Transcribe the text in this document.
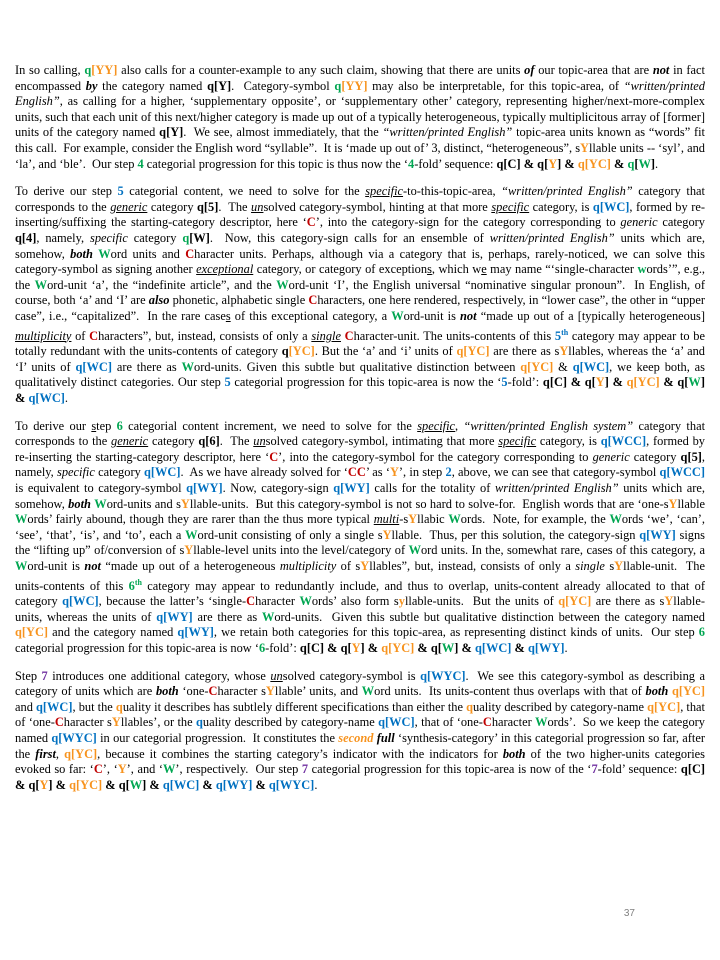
In so calling, q[YY] also calls for a counter-example to any such claim, showing that there are units of our topic-area that are not in fact encompassed by the category named q[Y].  Category-symbol q[YY] may also be interpretable, for this topic-area, of “written/printed English”, as calling for a higher, ‘supplementary opposite’, or ‘supplementary other’ category, representing higher/next-more-complex units, such that each unit of this next/higher category is made up out of a typically heterogeneous, typically multiplicitous array of [former] units of the category named q[Y].  We see, almost immediately, that the “written/printed English” topic-area units known as “words” fit this call.  For example, consider the English word “syllable”.  It is ‘made up out of’ 3, distinct, “heterogeneous”, sYllable units -- ‘syl’, and ‘la’, and ‘ble’.  Our step 4 categorial progression for this topic is thus now the ‘4-fold’ sequence: q[C] & q[Y] & q[YC] & q[W].

To derive our step 5 categorial content, we need to solve for the specific-to-this-topic-area, “written/printed English” category that corresponds to the generic category q[5].  The unsolved category-symbol, hinting at that more specific category, is q[WC], formed by re-inserting/suffixing the starting-category descriptor, here ‘C’, into the category-sign for the category corresponding to generic category q[4], namely, specific category q[W].  Now, this category-sign calls for an ensemble of written/printed English” units which are, somehow, both Word units and Character units. Perhaps, although via a category that is, perhaps, rarely-noticed, we can solve this category-symbol as signing another exceptional category, or category of exceptions, which we may name “‘single-character words’”, e.g., the Word-unit ‘a’, the “indefinite article”, and the Word-unit ‘I’, the English universal “nominative singular pronoun”.  In English, of course, both ‘a’ and ‘I’ are also phonetic, alphabetic single Characters, one here rendered, respectively, in “lower case”, the other in “upper case”, i.e., “capitalized”.  In the rare cases of this exceptional category, a Word-unit is not “made up out of a [typically heterogeneous] multiplicity of Characters”, but, instead, consists of only a single Character-unit. The units-contents of this 5th category may appear to be totally redundant with the units-contents of category q[YC]. But the ‘a’ and ‘i’ units of q[YC] are there as sYllables, whereas the ‘a’ and ‘I’ units of q[WC] are there as Word-units. Given this subtle but qualitative distinction between q[YC] & q[WC], we keep both, as qualitatively distinct categories. Our step 5 categorial progression for this topic-area is now the ‘5-fold’: q[C] & q[Y] & q[YC] & q[W] & q[WC].

To derive our step 6 categorial content increment, we need to solve for the specific, “written/printed English system” category that corresponds to the generic category q[6].  The unsolved category-symbol, intimating that more specific category, is q[WCC], formed by re-inserting the starting-category descriptor, here ‘C’, into the category-symbol for the category corresponding to generic category q[5], namely, specific category q[WC].  As we have already solved for ‘CC’ as ‘Y’, in step 2, above, we can see that category-symbol q[WCC] is equivalent to category-symbol q[WY]. Now, category-sign q[WY] calls for the totality of written/printed English” units which are, somehow, both Word-units and sYllable-units.  But this category-symbol is not so hard to solve-for.  English words that are ‘one-sYllable Words’ fairly abound, though they are rarer than the thus more typical multi-sYllabic Words.  Note, for example, the Words ‘we’, ‘can’, ‘see’, ‘that’, ‘is’, and ‘to’, each a Word-unit consisting of only a single sYllable.  Thus, per this solution, the category-sign q[WY] signs the “lifting up” of/conversion of sYllable-level units into the level/category of Word units. In the, somewhat rare, cases of this category, a Word-unit is not “made up out of a heterogeneous multiplicity of sYllables”, but, instead, consists of only a single sYllable-unit.  The units-contents of this 6th category may appear to redundantly include, and thus to overlap, units-content already allocated to that of category q[WC], because the latter’s ‘single-Character Words’ also form syllable-units.  But the units of q[YC] are there as sYllable-units, whereas the units of q[WY] are there as Word-units.  Given this subtle but qualitative distinction between the category named q[YC] and the category named q[WY], we retain both categories for this topic-area, as representing distinct kinds of units.  Our step 6 categorial progression for this topic-area is now ‘6-fold’: q[C] & q[Y] & q[YC] & q[W] & q[WC] & q[WY].

Step 7 introduces one additional category, whose unsolved category-symbol is q[WYC].  We see this category-symbol as describing a category of units which are both ‘one-Character sYllable’ units, and Word units.  Its units-content thus overlaps with that of both q[YC] and q[WC], but the quality it describes has subtlely different specifications than either the quality described by category-name q[YC], that of ‘one-Character sYllables’, or the quality described by category-name q[WC], that of ‘one-Character Words’.  So we keep the category named q[WYC] in our categorial progression.  It constitutes the second full ‘synthesis-category’ in this categorial progression so far, after the first, q[YC], because it combines the starting category’s indicator with the indicators for both of the two higher-units categories evoked so far: ‘C’, ‘Y’, and ‘W’, respectively.  Our step 7 categorial progression for this topic-area is now of the ‘7-fold’ sequence: q[C] & q[Y] & q[YC] & q[W] & q[WC] & q[WY] & q[WYC].

37
